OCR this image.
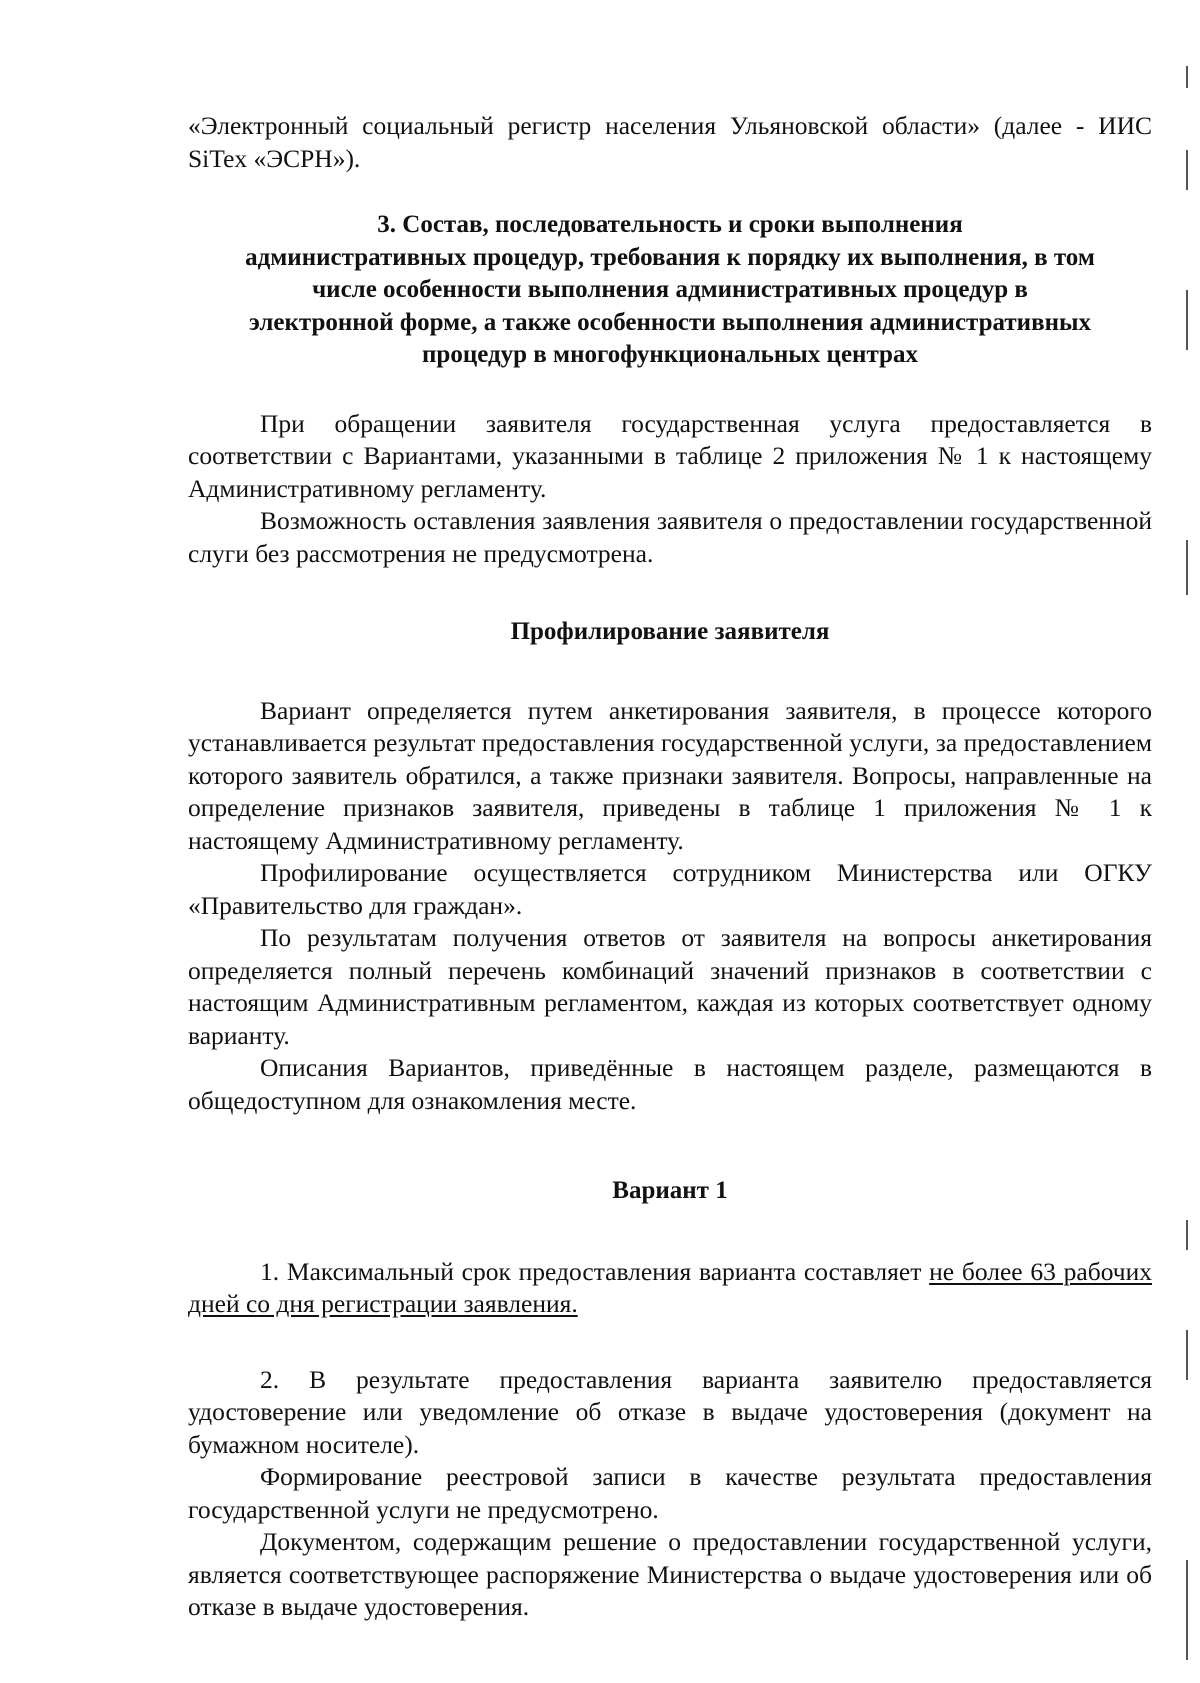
«Электронный социальный регистр населения Ульяновской области» (далее - ИИС SiTex «ЭСРН»).

3. Состав, последовательность и сроки выполнения

административных процедур, требования к порядку их выполнения, в том

числе особенности выполнения административных процедур в

электронной форме, а также особенности выполнения административных

процедур в многофункциональных центрах

При обращении заявителя государственная услуга предоставляется в соответствии с Вариантами, указанными в таблице 2 приложения № 1 к настоящему Административному регламенту.

Возможность оставления заявления заявителя о предоставлении государственной слуги без рассмотрения не предусмотрена.

Профилирование заявителя

Вариант определяется путем анкетирования заявителя, в процессе которого устанавливается результат предоставления государственной услуги, за предоставлением которого заявитель обратился, а также признаки заявителя. Вопросы, направленные на определение признаков заявителя, приведены в таблице 1 приложения № 1 к настоящему Административному регламенту.

Профилирование осуществляется сотрудником Министерства или ОГКУ «Правительство для граждан».

По результатам получения ответов от заявителя на вопросы анкетирования определяется полный перечень комбинаций значений признаков в соответствии с настоящим Административным регламентом, каждая из которых соответствует одному варианту.

Описания Вариантов, приведённые в настоящем разделе, размещаются в общедоступном для ознакомления месте.

Вариант 1

1. Максимальный срок предоставления варианта составляет не более 63 рабочих дней со дня регистрации заявления.

2. В результате предоставления варианта заявителю предоставляется удостоверение или уведомление об отказе в выдаче удостоверения (документ на бумажном носителе).

Формирование реестровой записи в качестве результата предоставления государственной услуги не предусмотрено.

Документом, содержащим решение о предоставлении государственной услуги, является соответствующее распоряжение Министерства о выдаче удостоверения или об отказе в выдаче удостоверения.
